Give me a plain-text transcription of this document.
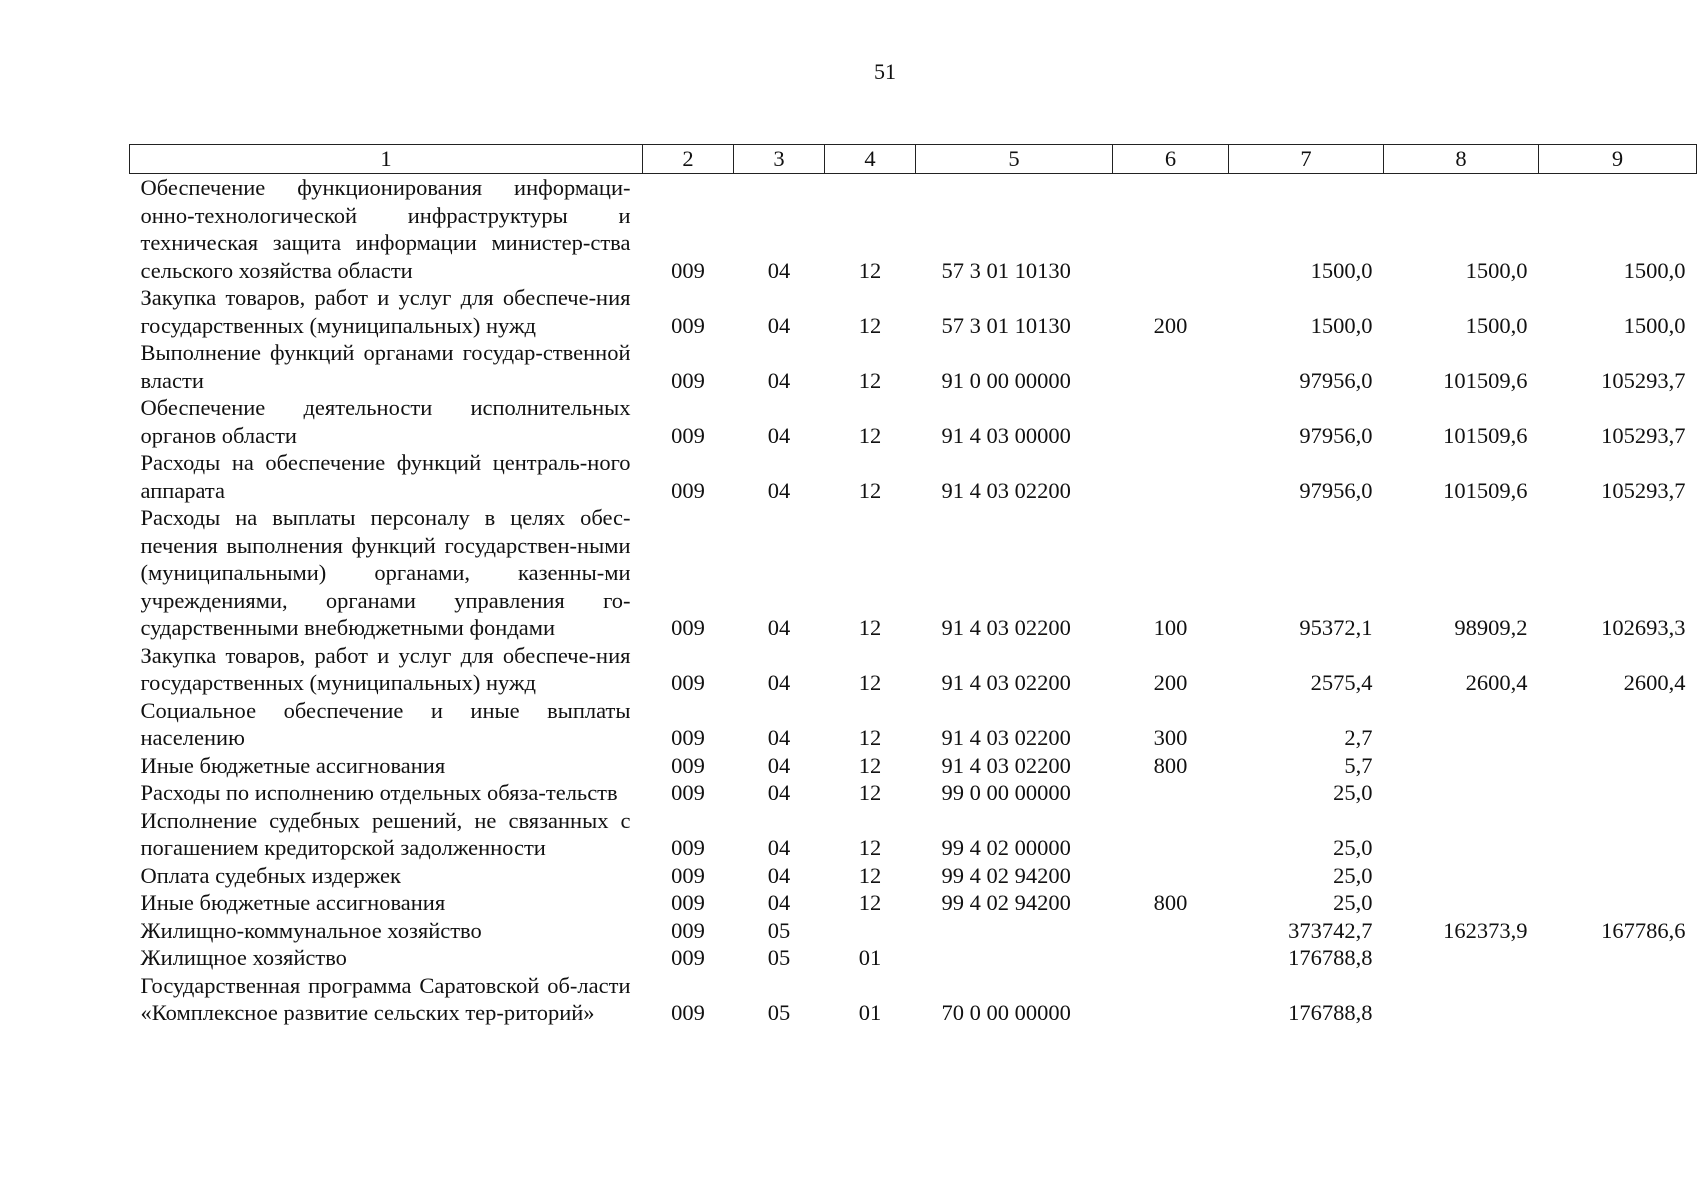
51
1	2	3	4	5	6	7	8	9
Обеспечение функционирования информаци-онно-технологической инфраструктуры и техническая защита информации министер-ства сельского хозяйства области	009	04	12	57 3 01 10130		1500,0	1500,0	1500,0
Закупка товаров, работ и услуг для обеспече-ния государственных (муниципальных) нужд	009	04	12	57 3 01 10130	200	1500,0	1500,0	1500,0
Выполнение функций органами государ-ственной власти	009	04	12	91 0 00 00000		97956,0	101509,6	105293,7
Обеспечение деятельности исполнительных органов области	009	04	12	91 4 03 00000		97956,0	101509,6	105293,7
Расходы на обеспечение функций централь-ного аппарата	009	04	12	91 4 03 02200		97956,0	101509,6	105293,7
Расходы на выплаты персоналу в целях обес-печения выполнения функций государствен-ными (муниципальными) органами, казенны-ми учреждениями, органами управления го-сударственными внебюджетными фондами	009	04	12	91 4 03 02200	100	95372,1	98909,2	102693,3
Закупка товаров, работ и услуг для обеспече-ния государственных (муниципальных) нужд	009	04	12	91 4 03 02200	200	2575,4	2600,4	2600,4
Социальное обеспечение и иные выплаты населению	009	04	12	91 4 03 02200	300	2,7		
Иные бюджетные ассигнования	009	04	12	91 4 03 02200	800	5,7		
Расходы по исполнению отдельных обяза-тельств	009	04	12	99 0 00 00000		25,0		
Исполнение судебных решений, не связанных с погашением кредиторской задолженности	009	04	12	99 4 02 00000		25,0		
Оплата судебных издержек	009	04	12	99 4 02 94200		25,0		
Иные бюджетные ассигнования	009	04	12	99 4 02 94200	800	25,0		
Жилищно-коммунальное хозяйство	009	05				373742,7	162373,9	167786,6
Жилищное хозяйство	009	05	01			176788,8		
Государственная программа Саратовской об-ласти «Комплексное развитие сельских тер-риторий»	009	05	01	70 0 00 00000		176788,8		
